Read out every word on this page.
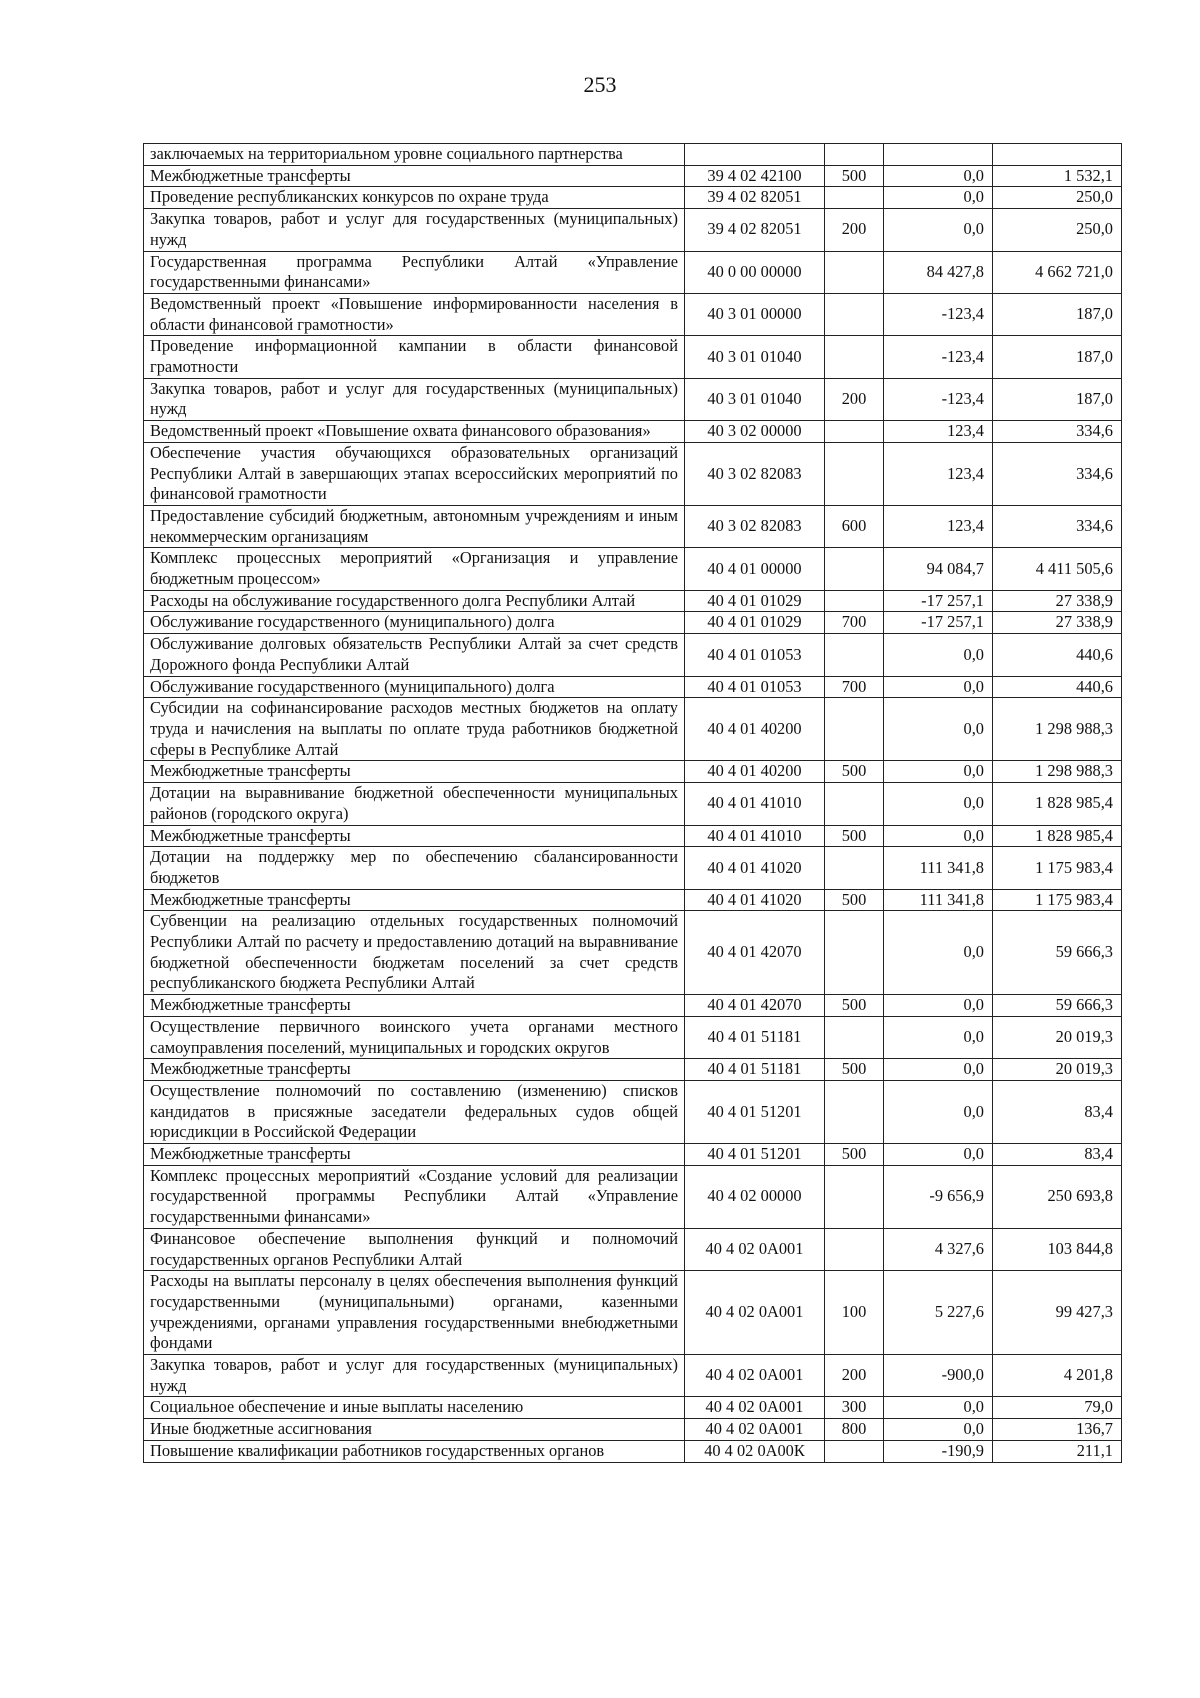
253
заключаемых на территориальном уровне социального партнерства				
Межбюджетные трансферты	39 4 02 42100	500	0,0	1 532,1
Проведение республиканских конкурсов по охране труда	39 4 02 82051		0,0	250,0
Закупка товаров, работ и услуг для государственных (муниципальных) нужд	39 4 02 82051	200	0,0	250,0
Государственная программа Республики Алтай «Управление государственными финансами»	40 0 00 00000		84 427,8	4 662 721,0
Ведомственный проект «Повышение информированности населения в области финансовой грамотности»	40 3 01 00000		-123,4	187,0
Проведение информационной кампании в области финансовой грамотности	40 3 01 01040		-123,4	187,0
Закупка товаров, работ и услуг для государственных (муниципальных) нужд	40 3 01 01040	200	-123,4	187,0
Ведомственный проект «Повышение охвата финансового образования»	40 3 02 00000		123,4	334,6
Обеспечение участия обучающихся образовательных организаций Республики Алтай в завершающих этапах всероссийских мероприятий по финансовой грамотности	40 3 02 82083		123,4	334,6
Предоставление субсидий бюджетным, автономным учреждениям и иным некоммерческим организациям	40 3 02 82083	600	123,4	334,6
Комплекс процессных мероприятий «Организация и управление бюджетным процессом»	40 4 01 00000		94 084,7	4 411 505,6
Расходы на обслуживание государственного долга Республики Алтай	40 4 01 01029		-17 257,1	27 338,9
Обслуживание государственного (муниципального) долга	40 4 01 01029	700	-17 257,1	27 338,9
Обслуживание долговых обязательств Республики Алтай за счет средств Дорожного фонда Республики Алтай	40 4 01 01053		0,0	440,6
Обслуживание государственного (муниципального) долга	40 4 01 01053	700	0,0	440,6
Субсидии на софинансирование расходов местных бюджетов на оплату труда и начисления на выплаты по оплате труда работников бюджетной сферы в Республике Алтай	40 4 01 40200		0,0	1 298 988,3
Межбюджетные трансферты	40 4 01 40200	500	0,0	1 298 988,3
Дотации на выравнивание бюджетной обеспеченности муниципальных районов (городского округа)	40 4 01 41010		0,0	1 828 985,4
Межбюджетные трансферты	40 4 01 41010	500	0,0	1 828 985,4
Дотации на поддержку мер по обеспечению сбалансированности бюджетов	40 4 01 41020		111 341,8	1 175 983,4
Межбюджетные трансферты	40 4 01 41020	500	111 341,8	1 175 983,4
Субвенции на реализацию отдельных государственных полномочий Республики Алтай по расчету и предоставлению дотаций на выравнивание бюджетной обеспеченности бюджетам поселений за счет средств республиканского бюджета Республики Алтай	40 4 01 42070		0,0	59 666,3
Межбюджетные трансферты	40 4 01 42070	500	0,0	59 666,3
Осуществление первичного воинского учета органами местного самоуправления поселений, муниципальных и городских округов	40 4 01 51181		0,0	20 019,3
Межбюджетные трансферты	40 4 01 51181	500	0,0	20 019,3
Осуществление полномочий по составлению (изменению) списков кандидатов в присяжные заседатели федеральных судов общей юрисдикции в Российской Федерации	40 4 01 51201		0,0	83,4
Межбюджетные трансферты	40 4 01 51201	500	0,0	83,4
Комплекс процессных мероприятий «Создание условий для реализации государственной программы Республики Алтай «Управление государственными финансами»	40 4 02 00000		-9 656,9	250 693,8
Финансовое обеспечение выполнения функций и полномочий государственных органов Республики Алтай	40 4 02 0А001		4 327,6	103 844,8
Расходы на выплаты персоналу в целях обеспечения выполнения функций государственными (муниципальными) органами, казенными учреждениями, органами управления государственными внебюджетными фондами	40 4 02 0А001	100	5 227,6	99 427,3
Закупка товаров, работ и услуг для государственных (муниципальных) нужд	40 4 02 0А001	200	-900,0	4 201,8
Социальное обеспечение и иные выплаты населению	40 4 02 0А001	300	0,0	79,0
Иные бюджетные ассигнования	40 4 02 0А001	800	0,0	136,7
Повышение квалификации работников государственных органов	40 4 02 0А00К		-190,9	211,1
